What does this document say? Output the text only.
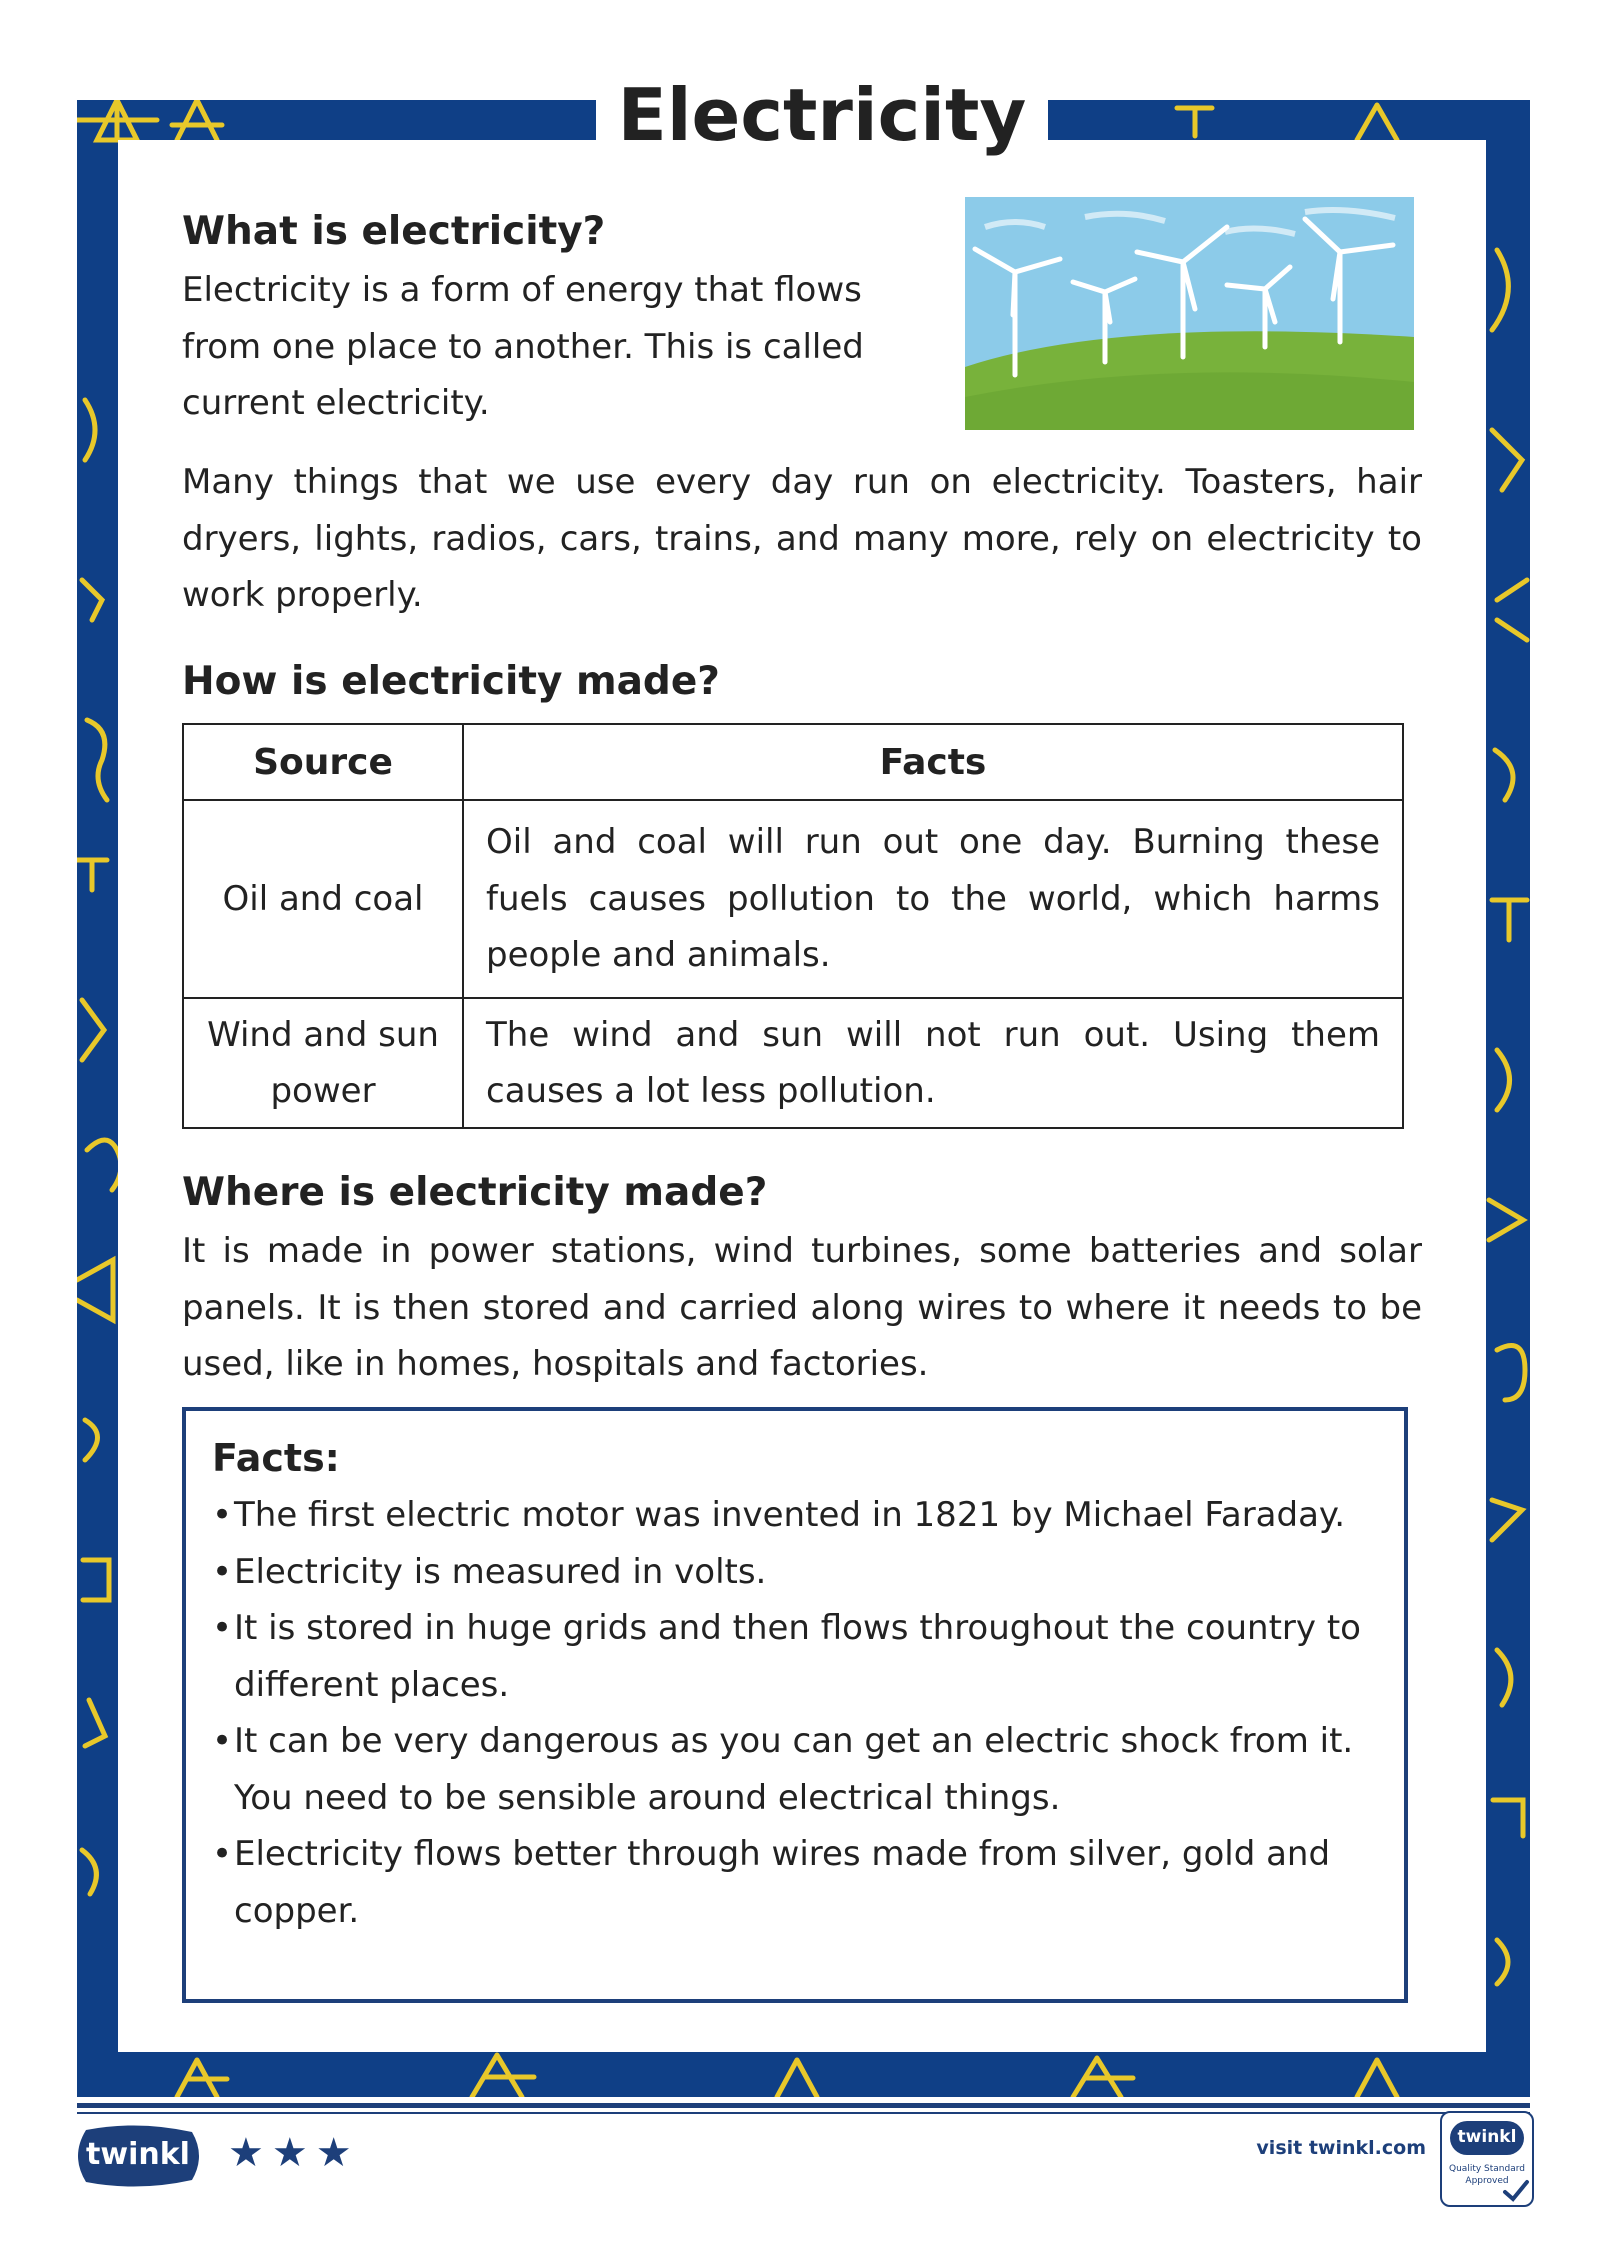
Electricity
What is electricity?

Electricity is a form of energy that flows from one place to another. This is called current electricity.

Many things that we use every day run on electricity. Toasters, hair dryers, lights, radios, cars, trains, and many more, rely on electricity to work properly.

How is electricity made?
Source	Facts
Oil and coal	Oil and coal will run out one day. Burning these fuels causes pollution to the world, which harms people and animals.
Wind and sun power	The wind and sun will not run out. Using them causes a lot less pollution.
Where is electricity made?

It is made in power stations, wind turbines, some batteries and solar panels. It is then stored and carried along wires to where it needs to be used, like in homes, hospitals and factories.

Facts:
• The first electric motor was invented in 1821 by Michael Faraday.
• Electricity is measured in volts.
• It is stored in huge grids and then flows throughout the country to different places.
• It can be very dangerous as you can get an electric shock from it. You need to be sensible around electrical things.
• Electricity flows better through wires made from silver, gold and copper.
twinkl ★ ★ ★	visit twinkl.com	twinkl
Quality Standard
Approved
